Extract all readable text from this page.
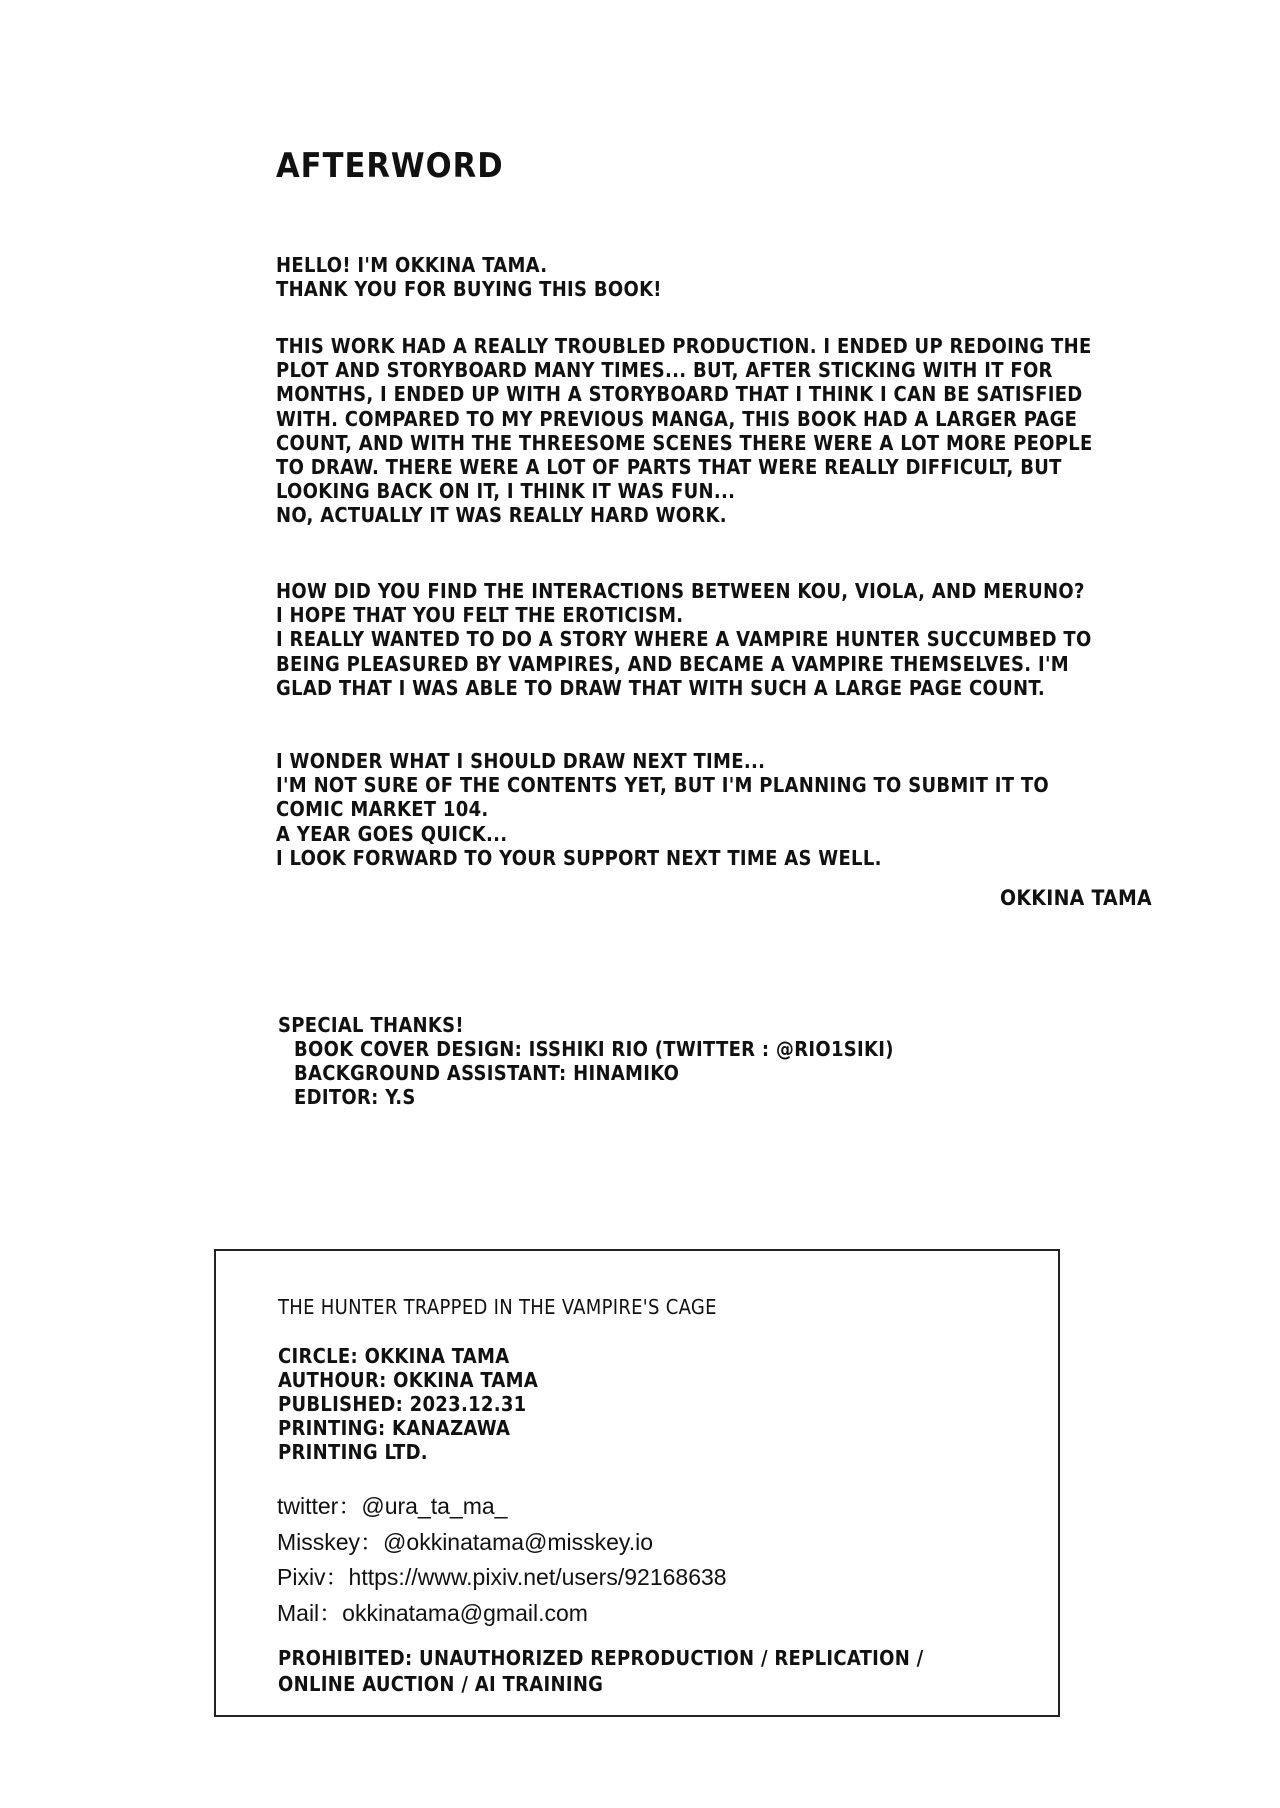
AFTERWORD
HELLO! I'M OKKINA TAMA.
THANK YOU FOR BUYING THIS BOOK!
THIS WORK HAD A REALLY TROUBLED PRODUCTION. I ENDED UP REDOING THE
PLOT AND STORYBOARD MANY TIMES... BUT, AFTER STICKING WITH IT FOR
MONTHS, I ENDED UP WITH A STORYBOARD THAT I THINK I CAN BE SATISFIED
WITH. COMPARED TO MY PREVIOUS MANGA, THIS BOOK HAD A LARGER PAGE
COUNT, AND WITH THE THREESOME SCENES THERE WERE A LOT MORE PEOPLE
TO DRAW. THERE WERE A LOT OF PARTS THAT WERE REALLY DIFFICULT, BUT
LOOKING BACK ON IT, I THINK IT WAS FUN...
NO, ACTUALLY IT WAS REALLY HARD WORK.
HOW DID YOU FIND THE INTERACTIONS BETWEEN KOU, VIOLA, AND MERUNO?
I HOPE THAT YOU FELT THE EROTICISM.
I REALLY WANTED TO DO A STORY WHERE A VAMPIRE HUNTER SUCCUMBED TO
BEING PLEASURED BY VAMPIRES, AND BECAME A VAMPIRE THEMSELVES. I'M
GLAD THAT I WAS ABLE TO DRAW THAT WITH SUCH A LARGE PAGE COUNT.
I WONDER WHAT I SHOULD DRAW NEXT TIME...
I'M NOT SURE OF THE CONTENTS YET, BUT I'M PLANNING TO SUBMIT IT TO
COMIC MARKET 104.
A YEAR GOES QUICK...
I LOOK FORWARD TO YOUR SUPPORT NEXT TIME AS WELL.
OKKINA TAMA
SPECIAL THANKS!
BOOK COVER DESIGN: ISSHIKI RIO (TWITTER : @RIO1SIKI)
BACKGROUND ASSISTANT: HINAMIKO
EDITOR: Y.S
THE HUNTER TRAPPED IN THE VAMPIRE'S CAGE
CIRCLE: OKKINA TAMA
AUTHOUR: OKKINA TAMA
PUBLISHED: 2023.12.31
PRINTING: KANAZAWA
PRINTING LTD.
twitter：@ura_ta_ma_
Misskey：@okkinatama@misskey.io
Pixiv：https://www.pixiv.net/users/92168638
Mail：okkinatama@gmail.com
PROHIBITED: UNAUTHORIZED REPRODUCTION / REPLICATION /
ONLINE AUCTION / AI TRAINING
